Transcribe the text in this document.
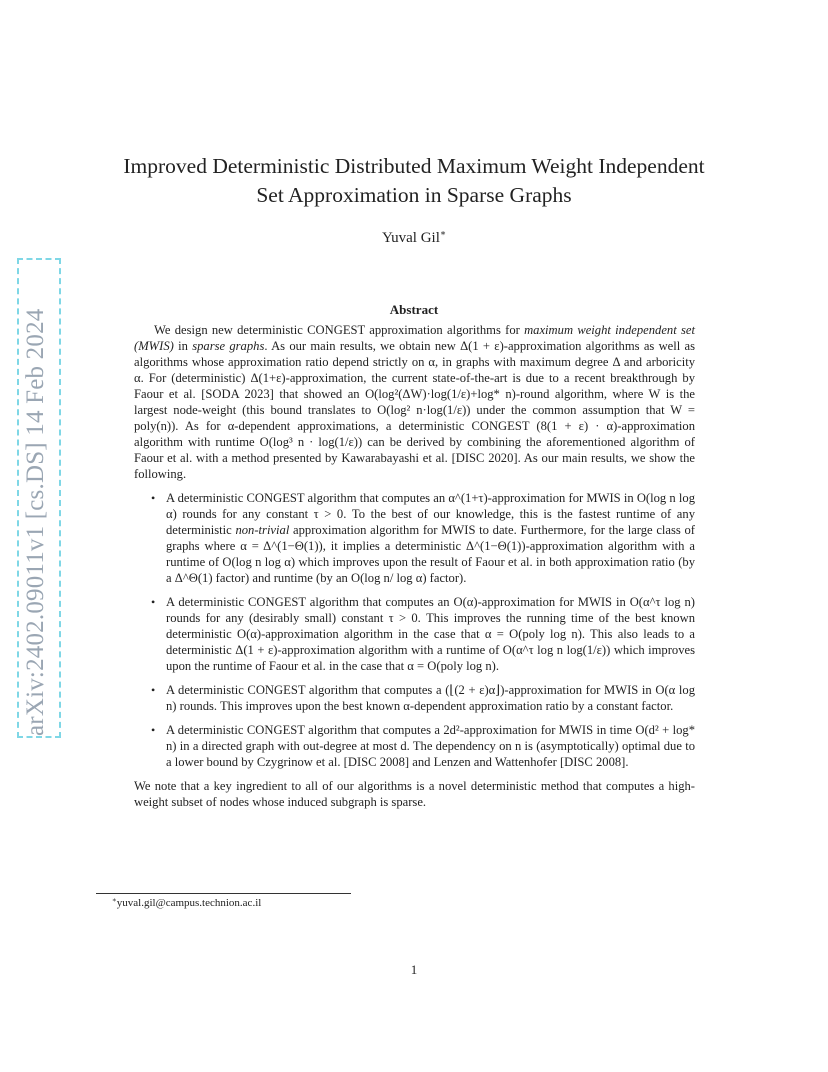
arXiv:2402.09011v1 [cs.DS] 14 Feb 2024
Improved Deterministic Distributed Maximum Weight Independent
Set Approximation in Sparse Graphs
Yuval Gil∗
Abstract

We design new deterministic CONGEST approximation algorithms for maximum weight independent set (MWIS) in sparse graphs. As our main results, we obtain new Δ(1 + ε)-approximation algorithms as well as algorithms whose approximation ratio depend strictly on α, in graphs with maximum degree Δ and arboricity α. For (deterministic) Δ(1+ε)-approximation, the current state-of-the-art is due to a recent breakthrough by Faour et al. [SODA 2023] that showed an O(log²(ΔW)·log(1/ε)+log* n)-round algorithm, where W is the largest node-weight (this bound translates to O(log² n·log(1/ε)) under the common assumption that W = poly(n)). As for α-dependent approximations, a deterministic CONGEST (8(1 + ε) · α)-approximation algorithm with runtime O(log³ n · log(1/ε)) can be derived by combining the aforementioned algorithm of Faour et al. with a method presented by Kawarabayashi et al. [DISC 2020]. As our main results, we show the following.

• A deterministic CONGEST algorithm that computes an α^(1+τ)-approximation for MWIS in O(log n log α) rounds for any constant τ > 0. To the best of our knowledge, this is the fastest runtime of any deterministic non-trivial approximation algorithm for MWIS to date. Furthermore, for the large class of graphs where α = Δ^(1−Θ(1)), it implies a deterministic Δ^(1−Θ(1))-approximation algorithm with a runtime of O(log n log α) which improves upon the result of Faour et al. in both approximation ratio (by a Δ^Θ(1) factor) and runtime (by an O(log n/ log α) factor).
• A deterministic CONGEST algorithm that computes an O(α)-approximation for MWIS in O(α^τ log n) rounds for any (desirably small) constant τ > 0. This improves the running time of the best known deterministic O(α)-approximation algorithm in the case that α = O(poly log n). This also leads to a deterministic Δ(1 + ε)-approximation algorithm with a runtime of O(α^τ log n log(1/ε)) which improves upon the runtime of Faour et al. in the case that α = O(poly log n).
• A deterministic CONGEST algorithm that computes a (⌊(2 + ε)α⌋)-approximation for MWIS in O(α log n) rounds. This improves upon the best known α-dependent approximation ratio by a constant factor.
• A deterministic CONGEST algorithm that computes a 2d²-approximation for MWIS in time O(d² + log* n) in a directed graph with out-degree at most d. The dependency on n is (asymptotically) optimal due to a lower bound by Czygrinow et al. [DISC 2008] and Lenzen and Wattenhofer [DISC 2008].

We note that a key ingredient to all of our algorithms is a novel deterministic method that computes a high-weight subset of nodes whose induced subgraph is sparse.

∗yuval.gil@campus.technion.ac.il
1
